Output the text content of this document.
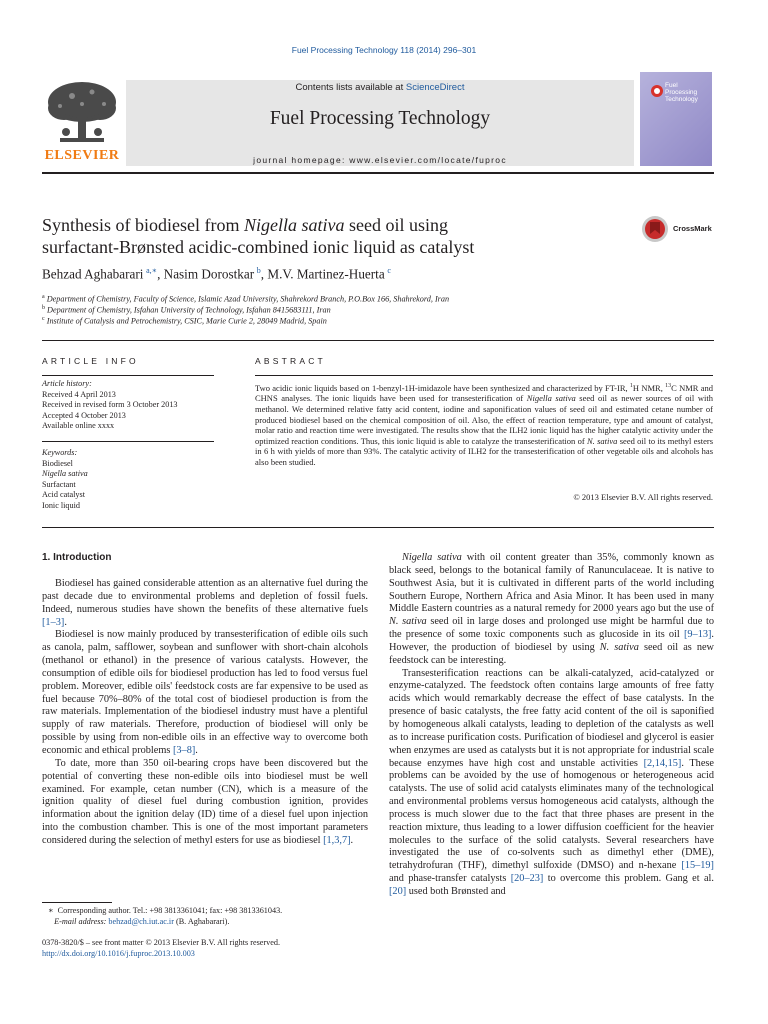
Fuel Processing Technology 118 (2014) 296–301
Contents lists available at ScienceDirect
Fuel Processing Technology
journal homepage: www.elsevier.com/locate/fuproc
ELSEVIER
Fuel Processing Technology
Synthesis of biodiesel from Nigella sativa seed oil using
surfactant-Brønsted acidic-combined ionic liquid as catalyst
CrossMark
Behzad Aghabarari  $^{a,∗}$, Nasim Dorostkar  $^b$, M.V. Martinez-Huerta  $^c$
$^a$ Department of Chemistry, Faculty of Science, Islamic Azad University, Shahrekord Branch, P.O.Box 166, Shahrekord, Iran
$^b$ Department of Chemistry, Isfahan University of Technology, Isfahan 8415683111, Iran
$^c$ Institute of Catalysis and Petrochemistry, CSIC, Marie Curie 2, 28049 Madrid, Spain
ARTICLE INFO
Article history:
Received 4 April 2013
Received in revised form 3 October 2013
Accepted 4 October 2013
Available online xxxx
Keywords:
Biodiesel
Nigella sativa
Surfactant
Acid catalyst
Ionic liquid
ABSTRACT
Two acidic ionic liquids based on 1-benzyl-1H-imidazole have been synthesized and characterized by FT-IR, $^1$H NMR, $^{13}$C NMR and CHNS analyses. The ionic liquids have been used for transesterification of Nigella sativa seed oil as newer sources of oil with methanol. We determined relative fatty acid content, iodine and saponification values of seed oil and estimated cetane number of produced biodiesel based on the chemical composition of oil. Also, the effect of reaction temperature, type and amount of catalyst, molar ratio and reaction time were investigated. The results show that the ILH2 ionic liquid has the higher catalytic activity under the optimized reaction conditions. Thus, this ionic liquid is able to catalyze the transesterification of N. sativa seed oil to its methyl esters in 6 h with yields of more than 93%. The catalytic activity of ILH2 for the transesterification of other vegetable oils and alcohols has also been studied.
© 2013 Elsevier B.V. All rights reserved.
1. Introduction

Biodiesel has gained considerable attention as an alternative fuel during the past decade due to environmental problems and depletion of fossil fuels. Indeed, numerous studies have shown the benefits of these alternative fuels [1–3].

Biodiesel is now mainly produced by transesterification of edible oils such as canola, palm, safflower, soybean and sunflower with short-chain alcohols (methanol or ethanol) in the presence of various catalysts. However, the consumption of edible oils for biodiesel production has led to food versus fuel problem. Moreover, edible oils' feedstock costs are far expensive to be used as fuel because 70%–80% of the total cost of biodiesel production is from the raw materials. Implementation of the biodiesel industry must have a plentiful supply of raw materials. Therefore, production of biodiesel will only be possible by using from non-edible oils in an effective way to overcome both economic and ethical problems [3–8].

To date, more than 350 oil-bearing crops have been discovered but the potential of converting these non-edible oils into biodiesel must be well examined. For example, cetan number (CN), which is a measure of the ignition quality of diesel fuel during combustion ignition, provides information about the ignition delay (ID) time of a diesel fuel upon injection into the combustion chamber. This is one of the most important parameters considered during the selection of methyl esters for use as biodiesel [1,3,7].

Nigella sativa with oil content greater than 35%, commonly known as black seed, belongs to the botanical family of Ranunculaceae. It is native to Southwest Asia, but it is cultivated in different parts of the world including Southern Europe, Northern Africa and Asia Minor. It has been used in many Middle Eastern countries as a natural remedy for 2000 years ago but the use of N. sativa seed oil in large doses and prolonged use might be harmful due to the presence of some toxic components such as glucoside in its oil [9–13]. However, the production of biodiesel by using N. sativa seed oil as new feedstock can be interesting.

Transesterification reactions can be alkali-catalyzed, acid-catalyzed or enzyme-catalyzed. The feedstock often contains large amounts of free fatty acids which would remarkably decrease the effect of base catalysts. In the presence of basic catalysts, the free fatty acid content of the oil is saponified by homogeneous alkali catalysts, leading to depletion of the catalysts as well as to increase purification costs. Purification of biodiesel and glycerol is easier when enzymes are used as catalysts but it is not appropriate for industrial scale because enzymes have high cost and unstable activities [2,14,15]. These problems can be avoided by the use of homogenous or heterogeneous acid catalysts. The use of solid acid catalysts eliminates many of the technological and environmental problems versus homogeneous acid catalysts, although the process is much slower due to the fact that three phases are present in the reaction mixture, thus leading to a lower diffusion coefficient for the heavier molecules to the surface of the solid catalysts. Several researchers have investigated the use of co-solvents such as dimethyl ether (DME), tetrahydrofuran (THF), dimethyl sulfoxide (DMSO) and n-hexane [15–19] and phase-transfer catalysts [20–23] to overcome this problem. Gang et al. [20] used both Brønsted and

∗  Corresponding author. Tel.: +98 3813361041; fax: +98 3813361043.
E-mail address: behzad@ch.iut.ac.ir (B. Aghabarari).
0378-3820/$ – see front matter © 2013 Elsevier B.V. All rights reserved.
http://dx.doi.org/10.1016/j.fuproc.2013.10.003
